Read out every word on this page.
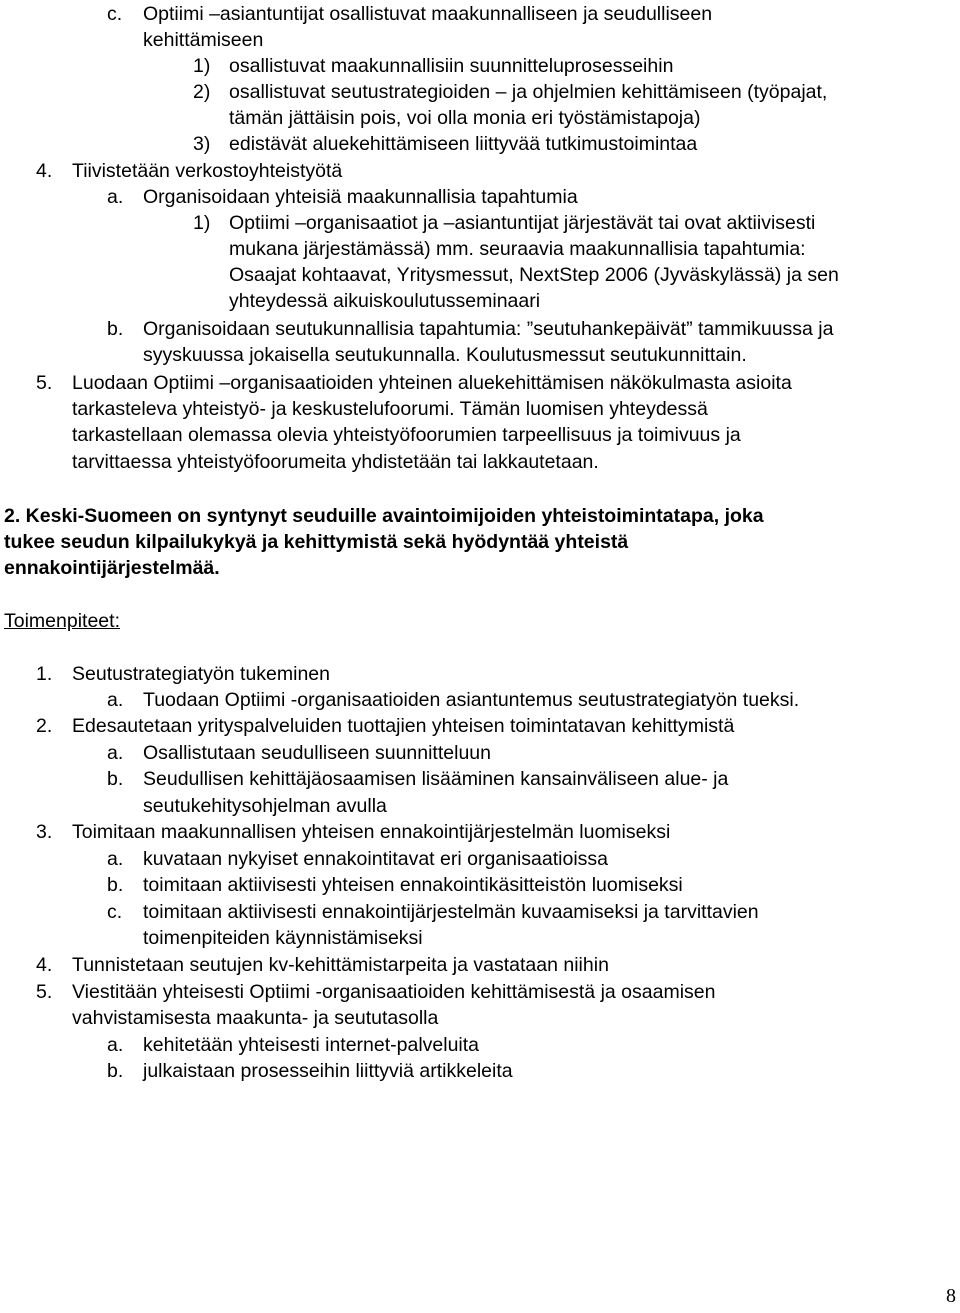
c. Optiimi –asiantuntijat osallistuvat maakunnalliseen ja seudulliseen
kehittämiseen
1) osallistuvat maakunnallisiin suunnitteluprosesseihin
2) osallistuvat seutustrategioiden – ja ohjelmien kehittämiseen (työpajat,
tämän jättäisin pois, voi olla monia eri työstämistapoja)
3) edistävät aluekehittämiseen liittyvää tutkimustoimintaa
4. Tiivistetään verkostoyhteistyötä
a. Organisoidaan yhteisiä maakunnallisia tapahtumia
1) Optiimi –organisaatiot ja –asiantuntijat järjestävät tai ovat aktiivisesti
mukana järjestämässä) mm. seuraavia maakunnallisia tapahtumia:
Osaajat kohtaavat, Yritysmessut, NextStep 2006 (Jyväskylässä) ja sen
yhteydessä aikuiskoulutusseminaari
b. Organisoidaan seutukunnallisia tapahtumia: ”seutuhankepäivät” tammikuussa ja
syyskuussa jokaisella seutukunnalla. Koulutusmessut seutukunnittain.
5. Luodaan Optiimi –organisaatioiden yhteinen aluekehittämisen näkökulmasta asioita
tarkasteleva yhteistyö- ja keskustelufoorumi. Tämän luomisen yhteydessä
tarkastellaan olemassa olevia yhteistyöfoorumien tarpeellisuus ja toimivuus ja
tarvittaessa yhteistyöfoorumeita yhdistetään tai lakkautetaan.
2. Keski-Suomeen on syntynyt seuduille avaintoimijoiden yhteistoimintatapa, joka
tukee seudun kilpailukykyä ja kehittymistä sekä hyödyntää yhteistä
ennakointijärjestelmää.
Toimenpiteet:
1. Seutustrategiatyön tukeminen
a. Tuodaan Optiimi -organisaatioiden asiantuntemus seutustrategiatyön tueksi.
2. Edesautetaan yrityspalveluiden tuottajien yhteisen toimintatavan kehittymistä
a. Osallistutaan seudulliseen suunnitteluun
b. Seudullisen kehittäjäosaamisen lisääminen kansainväliseen alue- ja
seutukehitysohjelman avulla
3. Toimitaan maakunnallisen yhteisen ennakointijärjestelmän luomiseksi
a. kuvataan nykyiset ennakointitavat eri organisaatioissa
b. toimitaan aktiivisesti yhteisen ennakointikäsitteistön luomiseksi
c. toimitaan aktiivisesti ennakointijärjestelmän kuvaamiseksi ja tarvittavien
toimenpiteiden käynnistämiseksi
4. Tunnistetaan seutujen kv-kehittämistarpeita ja vastataan niihin
5. Viestitään yhteisesti Optiimi -organisaatioiden kehittämisestä ja osaamisen
vahvistamisesta maakunta- ja seututasolla
a. kehitetään yhteisesti internet-palveluita
b. julkaistaan prosesseihin liittyviä artikkeleita
8
